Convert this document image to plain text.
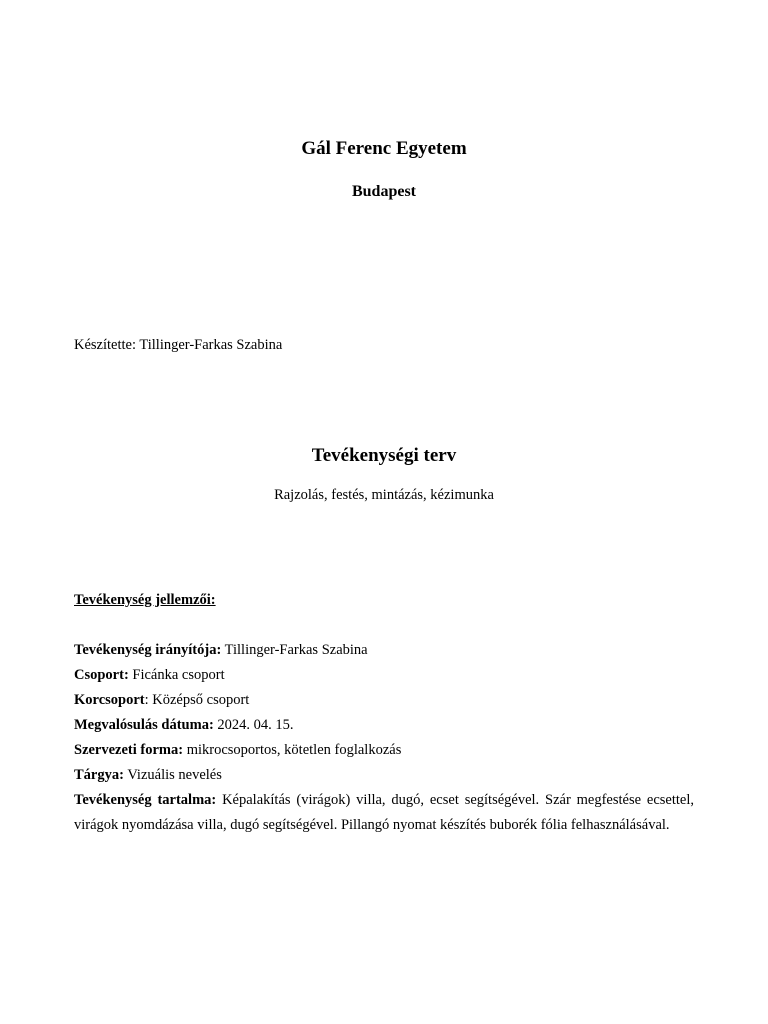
Gál Ferenc Egyetem
Budapest
Készítette: Tillinger-Farkas Szabina
Tevékenységi terv
Rajzolás, festés, mintázás, kézimunka
Tevékenység jellemzői:
Tevékenység irányítója: Tillinger-Farkas Szabina
Csoport: Ficánka csoport
Korcsoport: Középső csoport
Megvalósulás dátuma: 2024. 04. 15.
Szervezeti forma: mikrocsoportos, kötetlen foglalkozás
Tárgya: Vizuális nevelés
Tevékenység tartalma: Képalakítás (virágok) villa, dugó, ecset segítségével. Szár megfestése ecsettel, virágok nyomdázása villa, dugó segítségével. Pillangó nyomat készítés buborék fólia felhasználásával.
